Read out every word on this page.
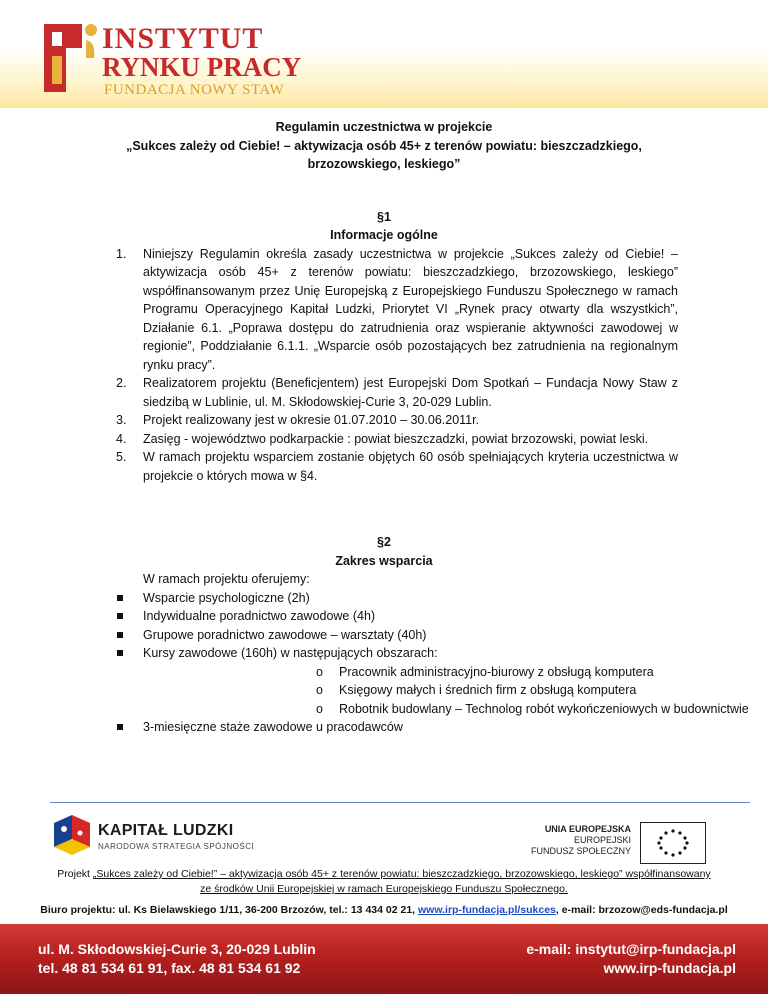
INSTYTUT
RYNKU PRACY
FUNDACJA NOWY STAW
Regulamin uczestnictwa w projekcie
„Sukces zależy od Ciebie! – aktywizacja osób 45+ z terenów powiatu: bieszczadzkiego,
brzozowskiego, leskiego”
§1
Informacje ogólne
1. Niniejszy Regulamin określa zasady uczestnictwa w projekcie „Sukces zależy od Ciebie! – aktywizacja osób 45+ z terenów powiatu: bieszczadzkiego, brzozowskiego, leskiego” współfinansowanym przez Unię Europejską z Europejskiego Funduszu Społecznego w ramach Programu Operacyjnego Kapitał Ludzki, Priorytet VI „Rynek pracy otwarty dla wszystkich”, Działanie 6.1. „Poprawa dostępu do zatrudnienia oraz wspieranie aktywności zawodowej w regionie”, Poddziałanie 6.1.1. „Wsparcie osób pozostających bez zatrudnienia na regionalnym rynku pracy”.
2. Realizatorem projektu (Beneficjentem) jest Europejski Dom Spotkań – Fundacja Nowy Staw z siedzibą w Lublinie, ul. M. Skłodowskiej-Curie 3, 20-029 Lublin.
3. Projekt realizowany jest w okresie 01.07.2010 – 30.06.2011r.
4. Zasięg - województwo podkarpackie : powiat bieszczadzki, powiat brzozowski, powiat leski.
5. W ramach projektu wsparciem zostanie objętych 60 osób spełniających kryteria uczestnictwa w projekcie o których mowa w §4.
§2
Zakres wsparcia
W ramach projektu oferujemy:
Wsparcie psychologiczne (2h)
Indywidualne poradnictwo zawodowe (4h)
Grupowe poradnictwo zawodowe – warsztaty (40h)
Kursy zawodowe (160h) w następujących obszarach:
o Pracownik administracyjno-biurowy z obsługą komputera
o Księgowy małych i średnich firm z obsługą komputera
o Robotnik budowlany – Technolog robót wykończeniowych w budownictwie
3-miesięczne staże zawodowe u pracodawców
KAPITAŁ LUDZKI
NARODOWA STRATEGIA SPÓJNOŚCI
UNIA EUROPEJSKA
EUROPEJSKI
FUNDUSZ SPOŁECZNY
Projekt „Sukces zależy od Ciebie!” – aktywizacja osób 45+ z terenów powiatu: bieszczadzkiego, brzozowskiego, leskiego” współfinansowany
ze środków Unii Europejskiej w ramach Europejskiego Funduszu Społecznego.
Biuro projektu: ul. Ks Bielawskiego 1/11, 36-200 Brzozów, tel.: 13 434 02 21, www.irp-fundacja.pl/sukces, e-mail: brzozow@eds-fundacja.pl
ul. M. Skłodowskiej-Curie 3, 20-029 Lublin
tel. 48 81 534 61 91, fax. 48 81 534 61 92
e-mail: instytut@irp-fundacja.pl
www.irp-fundacja.pl
